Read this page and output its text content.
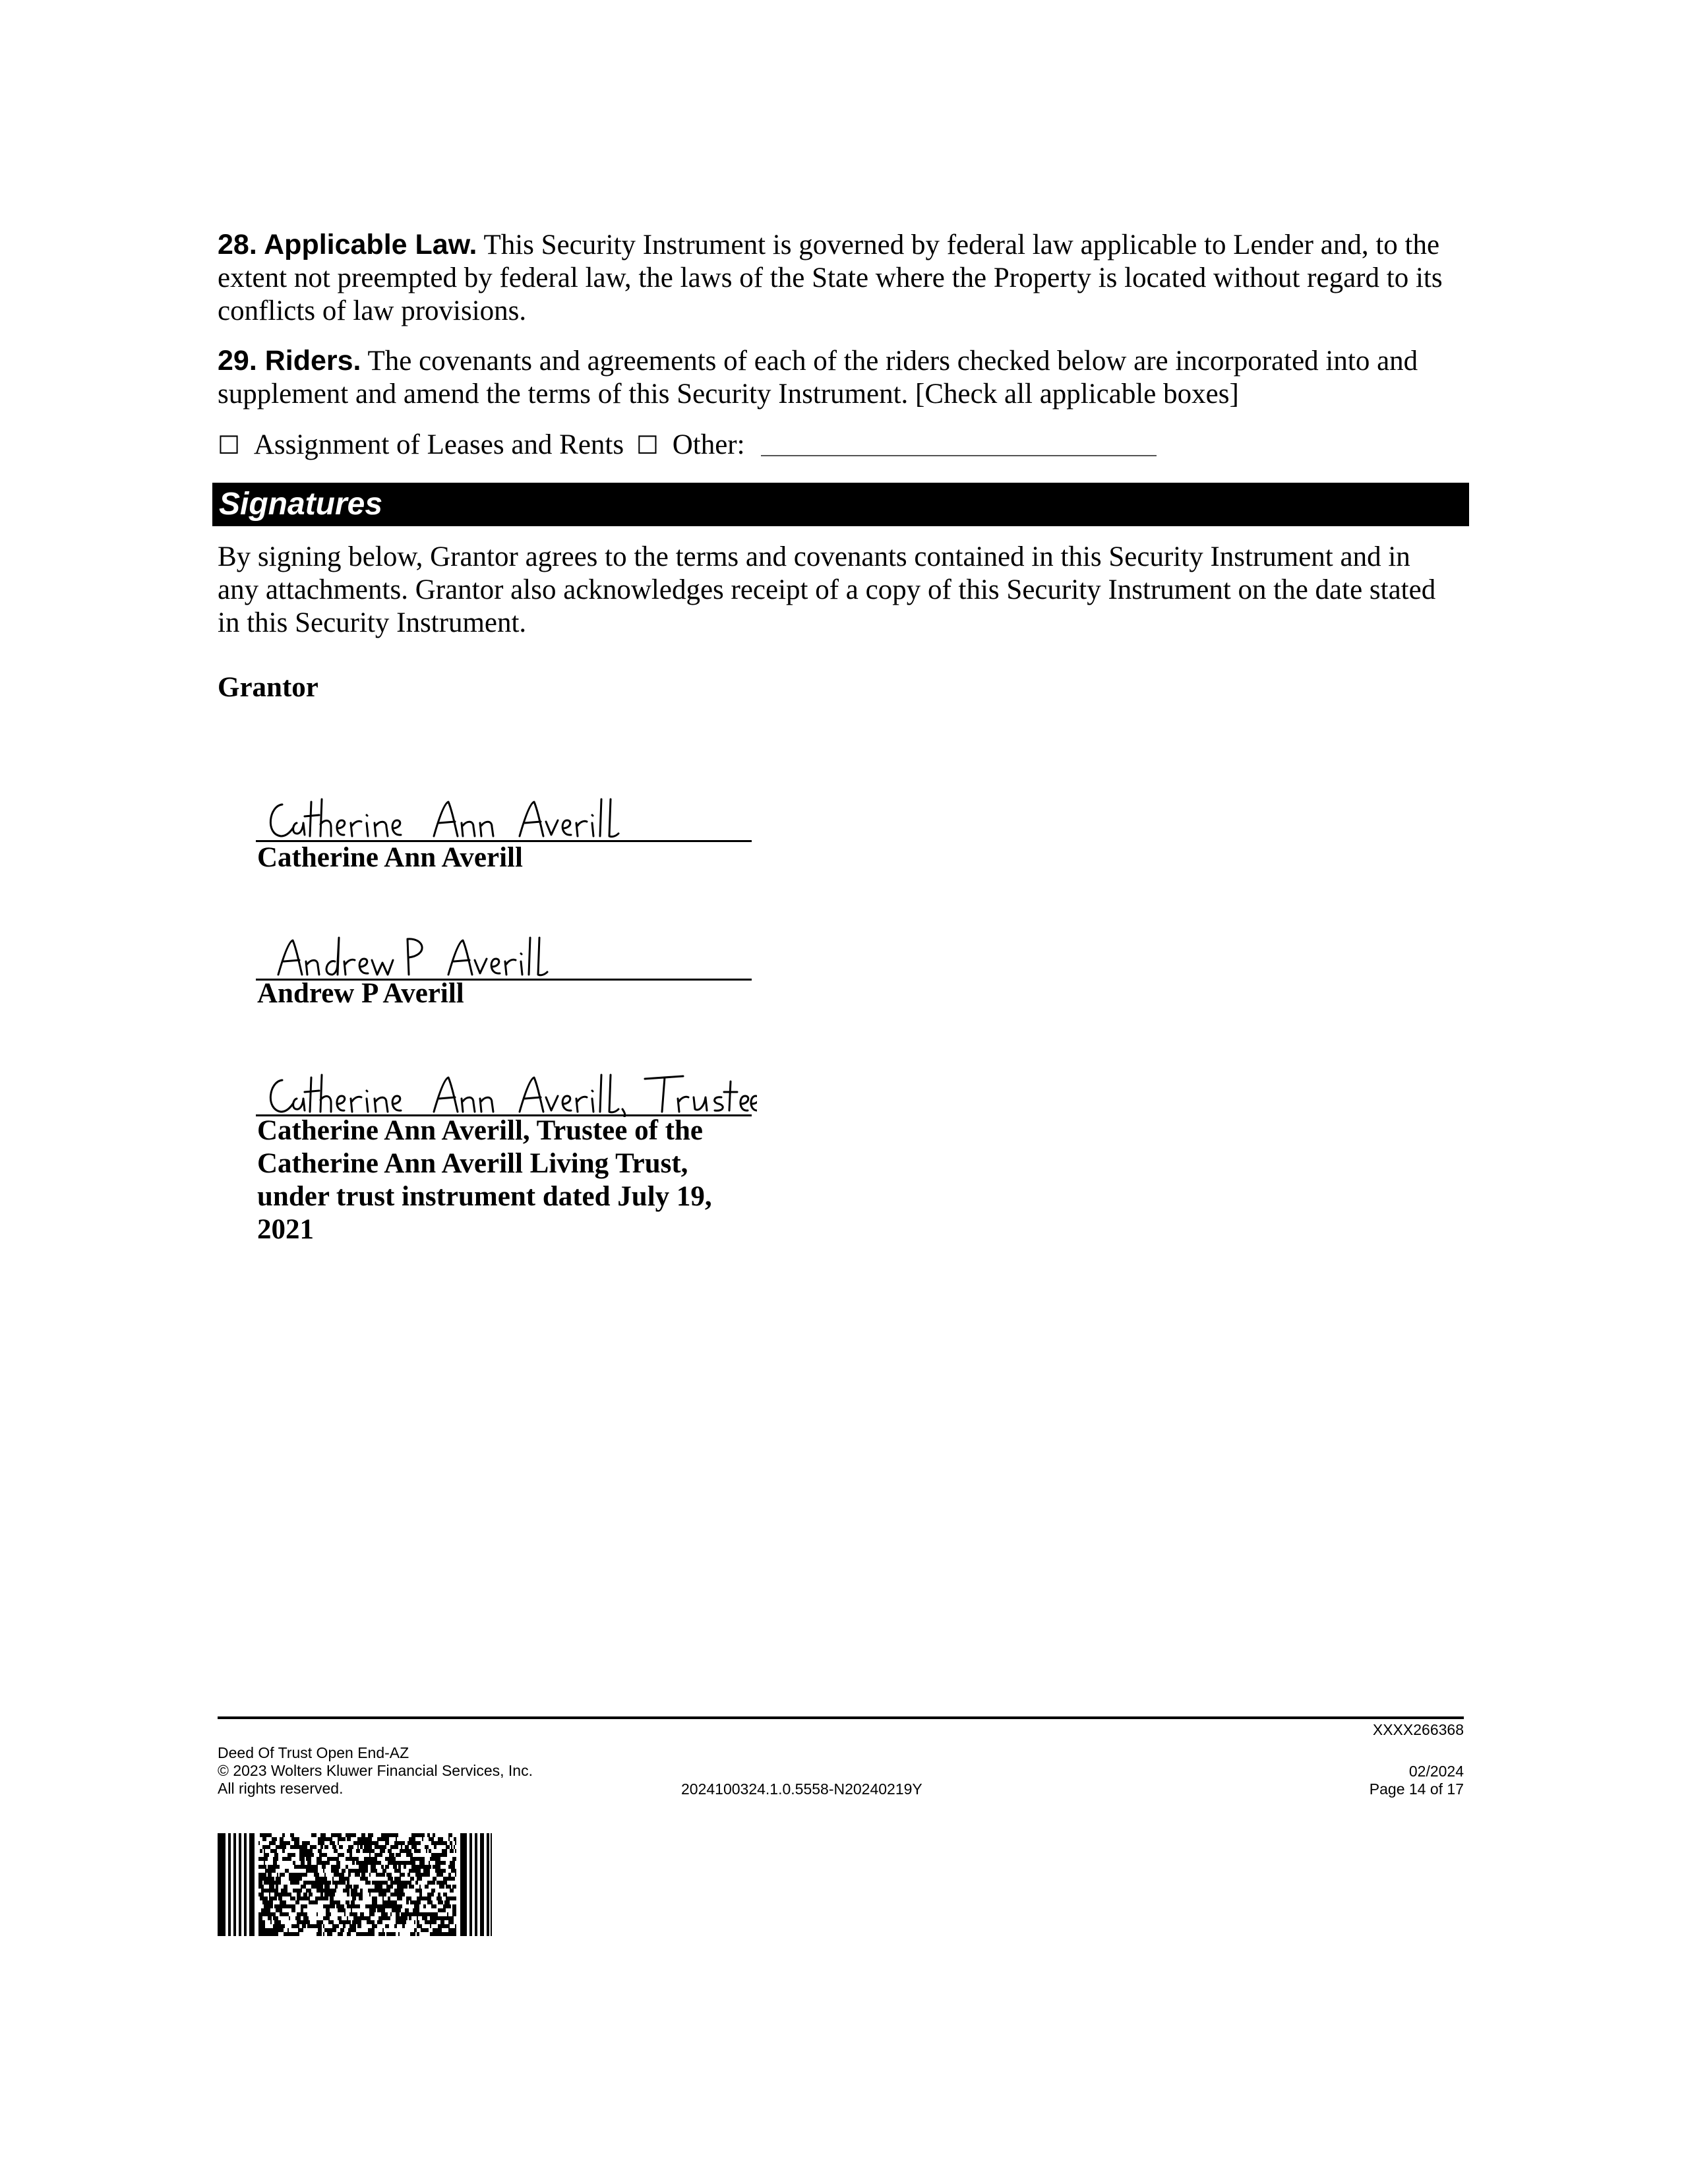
28. Applicable Law. This Security Instrument is governed by federal law applicable to Lender and, to the extent not preempted by federal law, the laws of the State where the Property is located without regard to its conflicts of law provisions.
29. Riders. The covenants and agreements of each of the riders checked below are incorporated into and supplement and amend the terms of this Security Instrument. [Check all applicable boxes]
☐ Assignment of Leases and Rents ☐ Other:
Signatures
By signing below, Grantor agrees to the terms and covenants contained in this Security Instrument and in any attachments. Grantor also acknowledges receipt of a copy of this Security Instrument on the date stated in this Security Instrument.
Grantor
Catherine Ann Averill
Andrew P Averill
Catherine Ann Averill, Trustee of the
Catherine Ann Averill Living Trust,
under trust instrument dated July 19,
2021
XXXX266368
Deed Of Trust Open End-AZ
© 2023 Wolters Kluwer Financial Services, Inc.
All rights reserved.	2024100324.1.0.5558-N20240219Y
02/2024
Page 14 of 17
